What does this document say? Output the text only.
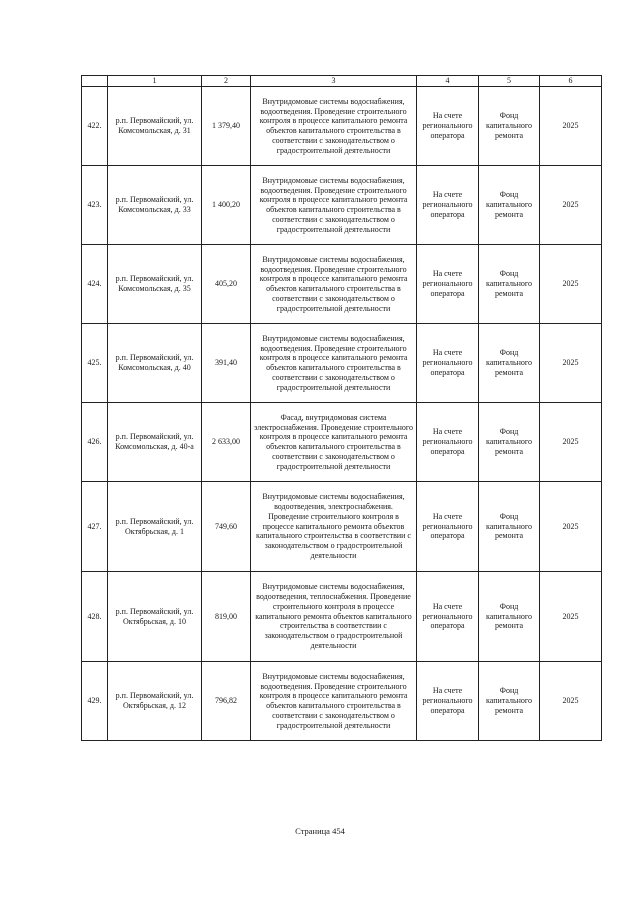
	1	2	3	4	5	6
422.	р.п. Первомайский, ул. Комсомольская, д. 31	1 379,40	Внутридомовые системы водоснабжения, водоотведения. Проведение строительного контроля в процессе капитального ремонта объектов капитального строительства в соответствии с законодательством о градостроительной деятельности	На счете регионального оператора	Фонд капитального ремонта	2025
423.	р.п. Первомайский, ул. Комсомольская, д. 33	1 400,20	Внутридомовые системы водоснабжения, водоотведения. Проведение строительного контроля в процессе капитального ремонта объектов капитального строительства в соответствии с законодательством о градостроительной деятельности	На счете регионального оператора	Фонд капитального ремонта	2025
424.	р.п. Первомайский, ул. Комсомольская, д. 35	405,20	Внутридомовые системы водоснабжения, водоотведения. Проведение строительного контроля в процессе капитального ремонта объектов капитального строительства в соответствии с законодательством о градостроительной деятельности	На счете регионального оператора	Фонд капитального ремонта	2025
425.	р.п. Первомайский, ул. Комсомольская, д. 40	391,40	Внутридомовые системы водоснабжения, водоотведения. Проведение строительного контроля в процессе капитального ремонта объектов капитального строительства в соответствии с законодательством о градостроительной деятельности	На счете регионального оператора	Фонд капитального ремонта	2025
426.	р.п. Первомайский, ул. Комсомольская, д. 40-а	2 633,00	Фасад, внутридомовая система электроснабжения. Проведение строительного контроля в процессе капитального ремонта объектов капитального строительства в соответствии с законодательством о градостроительной деятельности	На счете регионального оператора	Фонд капитального ремонта	2025
427.	р.п. Первомайский, ул. Октябрьская, д. 1	749,60	Внутридомовые системы водоснабжения, водоотведения, электроснабжения. Проведение строительного контроля в процессе капитального ремонта объектов капитального строительства в соответствии с законодательством о градостроительной деятельности	На счете регионального оператора	Фонд капитального ремонта	2025
428.	р.п. Первомайский, ул. Октябрьская, д. 10	819,00	Внутридомовые системы водоснабжения, водоотведения, теплоснабжения. Проведение строительного контроля в процессе капитального ремонта объектов капитального строительства в соответствии с законодательством о градостроительной деятельности	На счете регионального оператора	Фонд капитального ремонта	2025
429.	р.п. Первомайский, ул. Октябрьская, д. 12	796,82	Внутридомовые системы водоснабжения, водоотведения. Проведение строительного контроля в процессе капитального ремонта объектов капитального строительства в соответствии с законодательством о градостроительной деятельности	На счете регионального оператора	Фонд капитального ремонта	2025
Страница 454
